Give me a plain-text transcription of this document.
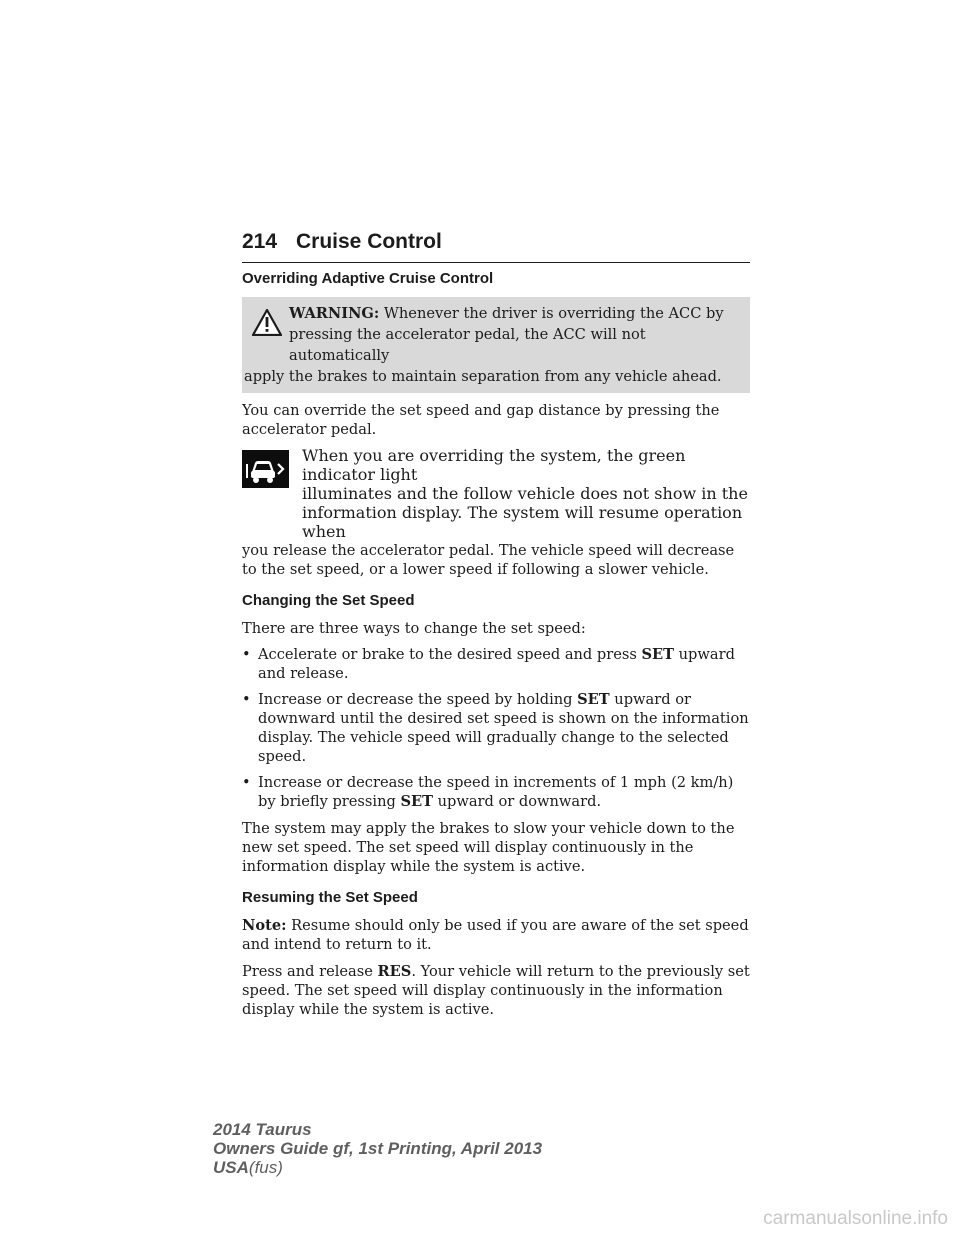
214 Cruise Control
Overriding Adaptive Cruise Control
WARNING: Whenever the driver is overriding the ACC by
pressing the accelerator pedal, the ACC will not automatically
apply the brakes to maintain separation from any vehicle ahead.

You can override the set speed and gap distance by pressing the accelerator pedal.

When you are overriding the system, the green indicator light
illuminates and the follow vehicle does not show in the
information display. The system will resume operation when

you release the accelerator pedal. The vehicle speed will decrease to the set speed, or a lower speed if following a slower vehicle.

Changing the Set Speed

There are three ways to change the set speed:

• Accelerate or brake to the desired speed and press SET upward and release.
• Increase or decrease the speed by holding SET upward or downward until the desired set speed is shown on the information display. The vehicle speed will gradually change to the selected speed.
• Increase or decrease the speed in increments of 1 mph (2 km/h) by briefly pressing SET upward or downward.

The system may apply the brakes to slow your vehicle down to the new set speed. The set speed will display continuously in the information display while the system is active.

Resuming the Set Speed

Note: Resume should only be used if you are aware of the set speed and intend to return to it.

Press and release RES. Your vehicle will return to the previously set speed. The set speed will display continuously in the information display while the system is active.

2014 Taurus
Owners Guide gf, 1st Printing, April 2013
USA(fus)
carmanualsonline.info
